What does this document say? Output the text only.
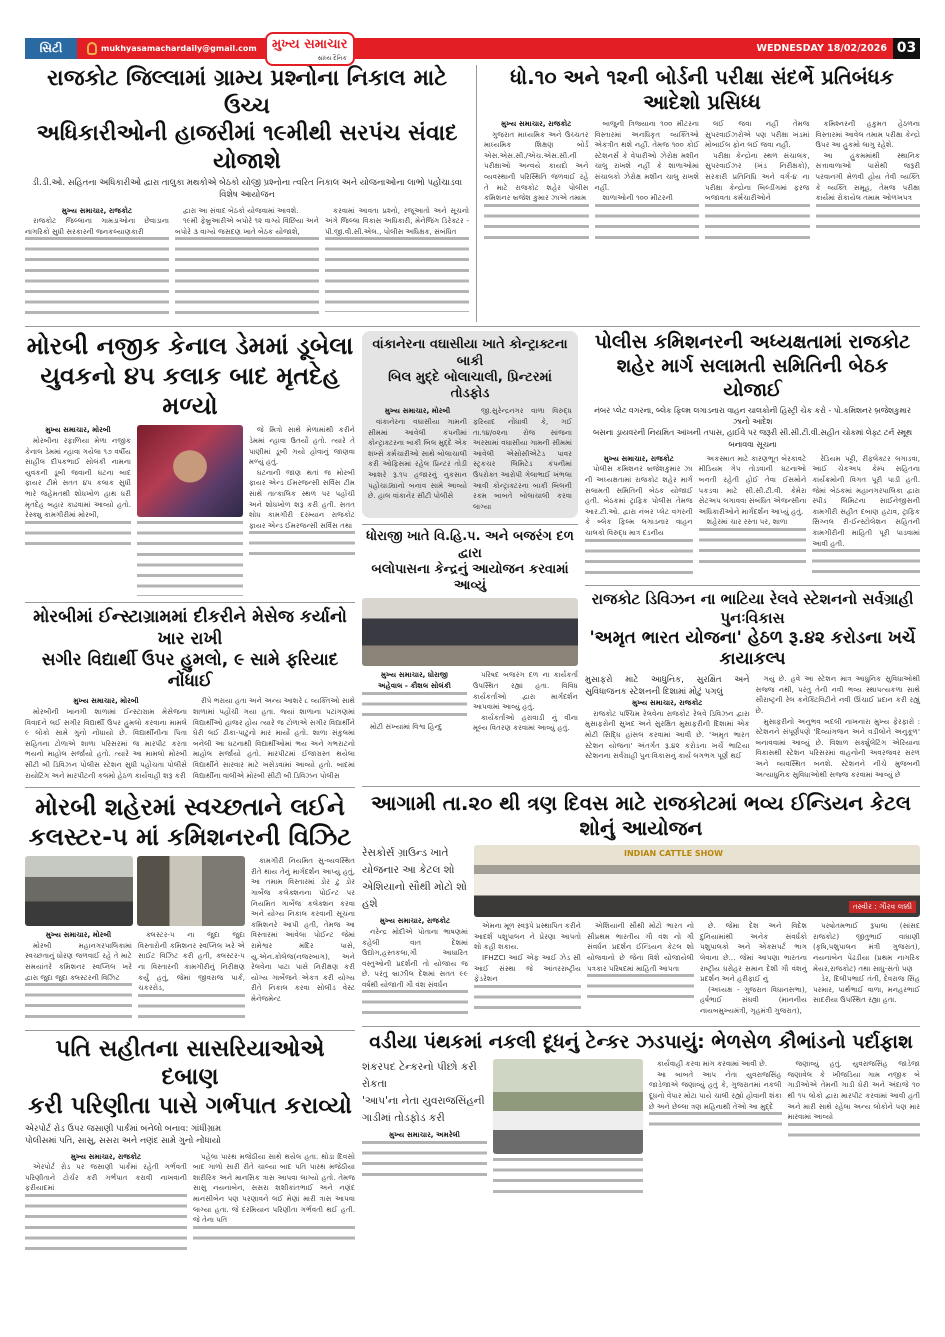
સિટી	mukhyasamachardaily@gmail.com	મુખ્ય સમાચાર
સાંધ્ય દૈનિક
WEDNESDAY 18/02/2026 03
રાજકોટ જિલ્લામાં ગ્રામ્ય પ્રશ્નોના નિકાલ માટે ઉચ્ચ
અધિકારીઓની હાજરીમાં ૧૯મીથી સરપંચ સંવાદ યોજાશે
ડી.ડી.ઓ. સહિતના અધિકારીઓ દ્વારા તાલુકા મથકોએ બેઠકો યોજી પ્રશ્નોના ત્વરિત નિકાલ અને યોજનાઓના લાભો પહોંચાડવા વિશેષ આયોજન

મુખ્ય સમાચાર, રાજકોટ

રાજકોટ જિલ્લાના ગામડાઓના છેવાડાના નાગરિકો સુધી સરકારની જનકલ્યાણકારી

દ્વારા આ સંવાદ બેઠકો યોજવામાં આવશે.

૧૯મી ફેબ્રુઆરીએ બપોરે ૧૨ વાગ્યે વિંછિયા અને બપોરે ૩ વાગ્યે જસદણ ખાતે બેઠક યોજાશે,

કરવામાં આવતા પ્રશ્નો, રજૂઆતો અને સૂચનો અંગે જિલ્લા વિકાસ અધિકારી, મેનેજિંગ ડિરેક્ટર - પી.જી.વી.સી.એલ., પોલીસ અધિક્ષક, સંબંધિત

ધો.૧૦ અને ૧૨ની બોર્ડની પરીક્ષા સંદર્ભે પ્રતિબંધક આદેશો પ્રસિધ્ધ

મુખ્ય સમાચાર, રાજકોટ

ગુજરાત માધ્યમિક અને ઉચ્ચતર માધ્યમિક શિક્ષણ બોર્ડ એસ.એસ.સી./એચ.એસ.સી.ની પરીક્ષાઓ અન્વયે કાયદો અને વ્યવસ્થાની પરિસ્થિતિ જળવાઈ રહે તે માટે રાજકોટ શહેર પોલીસ કમિશનર બ્રજેશ કુમાર ઝાએ તમામ

બાજુની ત્રિજ્યાના ૧૦૦ મીટરના વિસ્તારમાં અનધિકૃત વ્યક્તિઓ એકત્રીત થશે નહીં. તેમજ ૧૦૦ કોઈ સ્ટેશનર્સ કે વેપારીઓ ઝેરોક્ષ મશીન ચાલુ રાખશે નહીં કે શાળાઓમાં સંચાલકો ઝેરોક્ષ મશીન ચાલુ રાખશે નહીં.

શાળાઓની ૧૦૦ મીટરની

લઈ જવા નહીં તેમજ સુપરવાઈઝરોએ પણ પરીક્ષા ખંડમાં મોબાઈલ ફોન લઈ જવા નહીં.

પરીક્ષા કેન્દ્રોના સ્થળ સંચાલક, સુપરવાઈઝર (ખંડ નિરીક્ષકો), સરકારી પ્રતિનિધિ અને વર્ગ-૪ ના પરીક્ષા કેન્દ્રોના બિલ્ડીંગમાં ફરજ બજાવતા કર્મચારીઓને

કમિશ્નરની હકુમત હેઠળના વિસ્તારમાં આવેલ તમામ પરીક્ષા કેન્દ્રો ઉપર આ હુકમો લાગુ રહેશે.

આ હુકમમાંથી સ્થાનિક સત્તાવાળાઓ પાસેથી જરૂરી પરવાનગી મેળવી હોય તેવી વ્યક્તિ કે વ્યક્તિ સમૂહ, તેમજ પરીક્ષા કાર્યમાં રોકાયેલ તમામ ઓળખપત્ર

મોરબી નજીક કેનાલ ડેમમાં ડૂબેલા
યુવકનો ૪૫ કલાક બાદ મૃતદેહ મળ્યો

મુખ્ય સમાચાર, મોરબી

મોરબીના રફાળિયા મેળા નજીક કેનાલ ડેમમાં ન્હાવા ગયેલા ૧૭ વર્ષીય સાહીલ દીપકભાઈ સોલંકી નામના યુવકની ડૂબી જવાની ઘટના બાદ ફાયર ટીમે સતત ૪૫ કલાક સુધી ભારે જહેમતથી શોધખોળ હાથ ધરી મૃતદેહ બહાર કાઢવામાં આવ્યો હતો. રેસ્ક્યુ કામગીરીમાં મોરબી,

જે મિત્રો સાથે મેળામાંથી કરીને ડેમમાં ન્હાવા ઉતર્યો હતો. ત્યારે તે પાણીમાં ડૂબી ગયો હોવાનું જાણવા મળ્યું હતું.

ઘટનાની જાણ થતાં જ મોરબી ફાયર એન્ડ ઈમરજન્સી સર્વિસ ટીમ સાથે તાત્કાલિક સ્થળ પર પહોંચી અને શોધખોળ શરૂ કરી હતી. સતત શોધ કામગીરી દરમ્યાન રાજકોટ ફાયર એન્ડ ઈમરજન્સી સર્વિસ તથા

મોરબીમાં ઈન્સ્ટાગ્રામમાં દીકરીને મેસેજ કર્યાનો ખાર રાખી
સગીર વિદ્યાર્થી ઉપર હુમલો, ૯ સામે ફરિયાદ નોંધાઈ

મુખ્ય સમાચાર, મોરબી

મોરબીની ખાનગી શાળામાં ઈન્સ્ટાગ્રામ મેસેજના વિવાદને લઈ સગીર વિદ્યાર્થી ઉપર હુમલો કરવાના મામલે ૯ લોકો સામે ગુનો નોંધાયો છે. વિદ્યાર્થીનીના પિતા સહિતના ટોળાએ શાળા પરિસરમાં જ મારપીટ કરતા ભયનો માહોલ સર્જાયો હતો. ત્યારે આ મામલો મોરબી સીટી બી ડિવિઝન પોલીસ સ્ટેશન સુધી પહોંચતા પોલીસે રાયોટિંગ અને મારપીટની કલમો હેઠળ કાર્યવાહી શરૂ કરી

રીપે ભરાયા હતા અને અન્ય આશરે ૮ વ્યક્તિઓ સાથે શાળામાં પહોંચી ગયા હતા. જ્યાં શાળાના પટાંગણમાં વિદ્યાર્થીઓ હાજર હોય ત્યારે જ ટોળાએ સગીર વિદ્યાર્થીને ઘેરી લઈ ઢીકા-પાટુનો માર માર્યો હતો. શાળા સંકુલમાં બનેલી આ ઘટનાથી વિદ્યાર્થીઓમાં ભય અને ગભરાટનો માહોલ સર્જાયો હતો. મારપીટમાં ઈજાગ્રસ્ત થયેલા વિદ્યાર્થીને સારવાર માટે ખસેડવામાં આવ્યો હતો. બાદમાં વિદ્યાર્થીના વાલીએ મોરબી સીટી બી ડિવિઝન પોલીસ

મોરબી શહેરમાં સ્વચ્છતાને લઈને
કલસ્ટર-૫ માં કમિશનરની વિઝિટ

મુખ્ય સમાચાર, મોરબી

મોરબી મહાનગરપાલિકામાં સ્વચ્છતાનું ધોરણ જળવાઈ રહે તે માટે સમયાંતરે કમિશનર સ્વપ્નિલ ખરે દ્વારા જુદા જુદા ક્લસ્ટરની વિઝિટ

ક્લસ્ટર-૫ ના જુદા જુદા વિસ્તારોની કમિશનર સ્વપ્નિલ ખરે એ સાઈટ વિઝિટ કરી હતી, ક્લસ્ટર-૫ ના વિસ્તારની કામગીરીનું નિરીક્ષણ કર્યું હતું, જેમાં જીવરાજ પાર્ક, ચકરરોડ,

કામગીરી નિયમિત સુ-વ્યવસ્થિત રીતે થાય તેનું માર્ગદર્શન આપ્યું હતું, આ તમામ વિસ્તારમાં ડોર ટુ ડોર ગાર્બેજ કલેક્શનના પોઈન્ટ પર નિયમિત ગાર્બેજ કલેક્શન કરવા અને યોગ્ય નિકાલ કરવાની સૂચના કમિશનરે આપી હતી, તેમજ આ વિસ્તારમાં આવેલા પોઈન્ટ જેમાં રામેશ્વર મંદિર પાસે, યુ.એન.કોલેજ(નજરબાગ), અને રેલવેના પાટા પાસે નિરીક્ષણ કરી યોગ્ય ગાર્બેજને એકત્ર કરી યોગ્ય રીતે નિકાલ કરવા સોલીડ વેસ્ટ મેનેજમેન્ટ

પતિ સહીતના સાસરિયાઓએ દબાણ
કરી પરિણીતા પાસે ગર્ભપાત કરાવ્યો
એરપોર્ટ રોડ ઉપર જસાણી પાર્કમાં બનેલો બનાવ: ગાંધીગ્રામ
પોલીસમાં પતિ, સાસુ, સસરા અને નણંદ સામે ગુનો નોંધાયો

મુખ્ય સમાચાર, રાજકોટ

એરપોર્ટ રોડ પર જસાણી પાર્કમાં રહેતી ગર્ભવતી પરિણીતાને ટોર્ચર કરી ગર્ભપાત કરાવી નાખવાની ફરીયાદમાં

પહેલા પારથ મજેઠીયા સાથે થયેલ હતા. થોડા દિવસો બાદ ગાળો સારી રીતે ચાલ્યા બાદ પતિ પારથ મજેઠીયા શારીરિક અને માનસિક ત્રાસ આપવા લાગ્યો હતો. તેમજ સાસુ નયનાબેન, સસરા શશીકાંતભાઈ અને નણંદ માનસીબેન પણ પરણાવને લઈ મેણાં મારી ત્રાસ આપવા લાગ્યા હતા. જે દરમિયાન પરિણીતા ગર્ભવતી થઈ હતી. જે તેના પતિ

વાંકાનેરના વઘાસીયા ખાતે કોન્ટ્રાક્ટના બાકી
બિલ મુદ્દે બોલાચાલી, પ્રિન્ટરમાં તોડફોડ

મુખ્ય સમાચાર, મોરબી

વાંકાનેરના વઘાસીયા ગામની સીમમાં આવેલી કંપનીમાં કોન્ટ્રાક્ટરના બાકી બિલ મુદ્દે એક શખ્સે કર્મચારીઓ સાથે બોલાચાલી કરી ઓફિસમાં રહેલ પ્રિન્ટર તોડી આશરે રૂ.૧૫ હજારનું નુકસાન પહોંચાડ્યાનો બનાવ સામે આવ્યો છે. હાલ વાંકાનેર સીટી પોલીસે

જી.સુરેન્દ્રનગર વાળા વિરુદ્ધ ફરિયાદ નોંધાવી કે, ગઈ તા.૧૪/૦૨ના રોજ સાંજના અરસામાં વઘાસીયા ગામની સીમમાં આવેલી એસોસીએટેડ પાવર સ્ટ્રકચર લિમિટેડ કંપનીમાં ઉપરોક્ત આરોપી ગેલાભાઈ ખંભલા આવી કોન્ટ્રાક્ટરના બાકી બિલની રકમ બાબતે બોલાચાલી કરવા લાગ્યા

ધોરાજી ખાતે વિ.હિ.પ. અને બજરંગ દળ દ્વારા
બલોપાસના કેન્દ્રનું આયોજન કરવામાં આવ્યું

મુખ્ય સમાચાર, ધોરાજી

અહેવાલ - કૌશલ સોલંકી

મોટી સંખ્યામાં વિશ્વ હિન્દુ

પરિષદ બજરંગ દળ ના કાર્યકર્તા ઉપસ્થિત રહ્યાં હતા. વિવિધ કાર્યકર્તાઓ દ્વારા માર્ગદર્શન આપવામાં આવ્યું હતું.

કાર્યકર્તાઓ હરાવાડી નું વીના મૂલ્ય વિતરણ કરવામાં આવ્યું હતું.

પોલીસ કમિશનરની અધ્યક્ષતામાં રાજકોટ
શહેર માર્ગ સલામતી સમિતિની બેઠક યોજાઈ
નંબર પ્લેટ વગરના, બ્લેક ફિલ્મ લગાડનારા વાહન ચાલકોની હિસ્ટ્રી ચેક કરો - પો.કમિશનર બ્રજેશકુમાર ઝાનો આદેશ
બસના ડ્રાયવરની નિયમિત આંખની તપાસ, હાઈવે પર જરૂરી સી.સી.ટી.વી.સહીત ચોકમાં લેફ્ટ ટર્ન સ્મૂથ બનાવવા સૂચના

મુખ્ય સમાચાર, રાજકોટ

પોલીસ કમિશનર બ્રજેશકુમાર ઝા ની અધ્યક્ષતામાં રાજકોટ શહેર માર્ગ સલામતી સમિતિની બેઠક યોજાઈ હતી. બેઠકમાં ટ્રાફિક પોલીસ તેમજ આર.ટી.ઓ. દ્વારા નંબર પ્લેટ વગરની કે બ્લેક ફિલ્મ લગાડનાર વાહન ચાલકો વિરુદ્ધ માત્ર દંડનીય

અકસ્માત માટે કારણભૂત બેરકાવટે મીડિયમ ગેપ તોડવાની ઘટનાઓ બનતી રહેતી હોઈ તેવા ઈસમોને પકડવા માટે સી.સી.ટી.વી. કેમેરા સેટઅપ લગાવવા સંબંધિત એજન્સીના અધિકારીઓને માર્ગદર્શન આપ્યું હતું.

શહેરમાં ચાર રસ્તા પર, શાળા

રેડિયમ પટ્ટી, રીફ્લેક્ટર લગાડવા, આઈ ચેકઅપ કેમ્પ સહિતના કાર્યક્રમોની વિગત પૂરી પાડી હતી. જેમાં બેઠકમાં મહાનગરપાલિકા દ્વારા સ્પીડ લિમિટના સાઈનેજીસની કામગીરી સહીત દબાણ હટાવ, ટ્રાફિક સિગ્નલ રી-ઈન્સ્ટોલેશન સહિતની કામગીરીની માહિતી પૂરી પાડવામાં આવી હતી.

રાજકોટ ડિવિઝન ના ભાટિયા રેલવે સ્ટેશનનો સર્વગ્રાહી પુનઃવિકાસ
'અમૃત ભારત યોજના' હેઠળ રૂ.૪૨ કરોડના ખર્ચે કાયાકલ્પ

મુસાફરો માટે આધુનિક, સુરક્ષિત અને સુવિધાજનક સ્ટેશનની દિશામાં મોટું પગલું

મુખ્ય સમાચાર, રાજકોટ

રાજકોટ પશ્ચિમ રેલવેના રાજકોટ રેલવે ડિવિઝન દ્વારા મુસાફરોની સુખદ અને સુરક્ષિત મુસાફરીની દિશામાં એક મોટી સિદ્ધિ હાંસલ કરવામાં આવી છે. 'અમૃત ભારત સ્ટેશન યોજના' અંતર્ગત રૂ.૪૨ કરોડના ખર્ચે ભાટિયા સ્ટેશનના સર્વગ્રાહી પુનઃવિકાસનું કાર્ય લગભગ પૂર્ણ થઈ

ગયું છે. હવે આ સ્ટેશન માત્ર આધુનિક સુવિધાઓથી સજ્જ નથી, પરંતુ તેની નવી ભવ્ય સ્થાપત્યકળા સાથે સૌરાષ્ટ્રની રેલ કનેક્ટિવિટીને નવી ઊંચાઈ પ્રદાન કરી રહ્યું છે.

મુસાફરીનો અનુભવ બદલી નાખનારા મુખ્ય ફેરફારો : સ્ટેશનને સંપૂર્ણપણે 'દિવ્યાંગજન અને વડીલોને અનુકૂળ' બનાવવામાં આવ્યું છે. વિશાળ સર્ક્યુલેટિંગ એરિયાના વિકાસથી સ્ટેશન પરિસરમાં વાહનોની અવરજવર સરળ અને વ્યવસ્થિત બનશે. સ્ટેશનને નીચે મુજબની અત્યાધુનિક સુવિધાઓથી સજ્જ કરવામાં આવ્યું છે

આગામી તા.૨૦ થી ત્રણ દિવસ માટે રાજકોટમાં ભવ્ય ઈન્ડિયન કેટલ શોનું આયોજન
રેસકોર્સ ગ્રાઉન્ડ ખાતે
યોજનાર આ કેટલ શો
એશિયાનો સૌથી મોટો શો હશે

મુખ્ય સમાચાર, રાજકોટ

નરેન્દ્ર મોદીએ પોતાના ભાષણમાં કહેલી વાત દેશમાં ઉદ્યોગ,હસ્તકલા,ગૌ આધારિત વસ્તુઓની પ્રદર્શની તો યોજાય જ છે. પરંતુ બ્રાઝીલ દેશમાં સતત ૯૯ વર્ષથી યોજાતી ગૌ વંશ સંવર્ધન

INDIAN CATTLE SHOW
તસ્વીર : ગૌરવ લક્કી

એમના મૂળ સ્વરૂપે પ્રસ્થાપિત કરીને આદર્શ પશુપાલન ને પ્રેરણા આપતો શો કહી શકાય.

IFHZCI આઈ એફ આઈ ઝેડ સી આઈ સંસ્થા જે આંતરરાષ્ટ્રીય ફેડરેશન

એશિયાની સૌથી મોટો ભારત નો સૌપ્રથમ ભારતીય ગૌ વંશ નો ગૌ સંવર્ધન પ્રદર્શન ઈન્ડિયન કેટલ શો યોજવાનો છે જેના વિશે યોજાયેલી પત્રકાર પરિષદમાં માહિતી આપતા

છે. જેમા દેશ અને વિદેશ દુનિયામાંથી અનેક સંવર્ધકો પશુપાલકો અને એક્સપર્ટ ભાગ લેવાના છે... જેમાં આપણા ભારતના રાષ્ટ્રીય ધરોહર સમાન દેશી ગૌ વંશનું પ્રદર્શન અને હરીફાઈ નું

(અધ્યક્ષ - ગુજરાત વિધાનસભા), હર્ષભાઈ સંઘવી (માનનીય નાયબમુખ્યમંત્રી, ગૃહમંત્રી ગુજરાત),

પરષોતમભાઈ રૂપાલા (સાંસદ રાજકોટ) જીતુભાઈ વાઘાણી (કૃષિ,પશુપાલન મંત્રી ગુજરાત), નયનાબેન પેઢડીયા (પ્રથમ નાગરિક મેયર,રાજકોટ) તથા સાધુ-સંતો પણ

ડેર, દિલીપભાઈ તંતી, દેવરાજ સિંહ પરમાર, પાર્થભાઈ વાળા, મનહરભાઈ સાદરીયા ઉપસ્થિત રહ્યા હતા.

વડીયા પંથકમાં નકલી દૂધનું ટેન્કર ઝડપાયું: ભેળસેળ કૌભાંડનો પર્દાફાશ
શંકરપદ ટેન્કરનો પીછો કરી રોકતા
'આપ'ના નેતા યુવરાજસિંહની
ગાડીમાં તોડફોડ કરી

મુખ્ય સમાચાર, અમરેલી

કાર્યવાહી કરવા માંગ કરવામાં આવી છે.

આ બાબતે આપ નેતા યુવરાજસિંહ જાડેજાએ જણાવ્યું હતું કે, ગુજરાતમાં નકલી દૂધનો વેપાર મોટા પાયે ચાલી રહ્યો હોવાની શંકા છે અને છેલ્લા ત્રણ મહિનાથી તેઓ આ મુદ્દે

જણાવ્યું હતું. યુવરાજસિંહ જાડેજા જણાવેલ કે ખીજડિયા ગામ નજીક બે ગાડીઓએ તેમની ગાડી ઘેરી અને અંદાજે ૧૦ થી ૧૫ લોકો દ્વારા મારપીટ કરવામાં આવી હતી અને મારી સાથે રહેલા અન્ય લોકોને પણ માર મારવામાં આવ્યો
